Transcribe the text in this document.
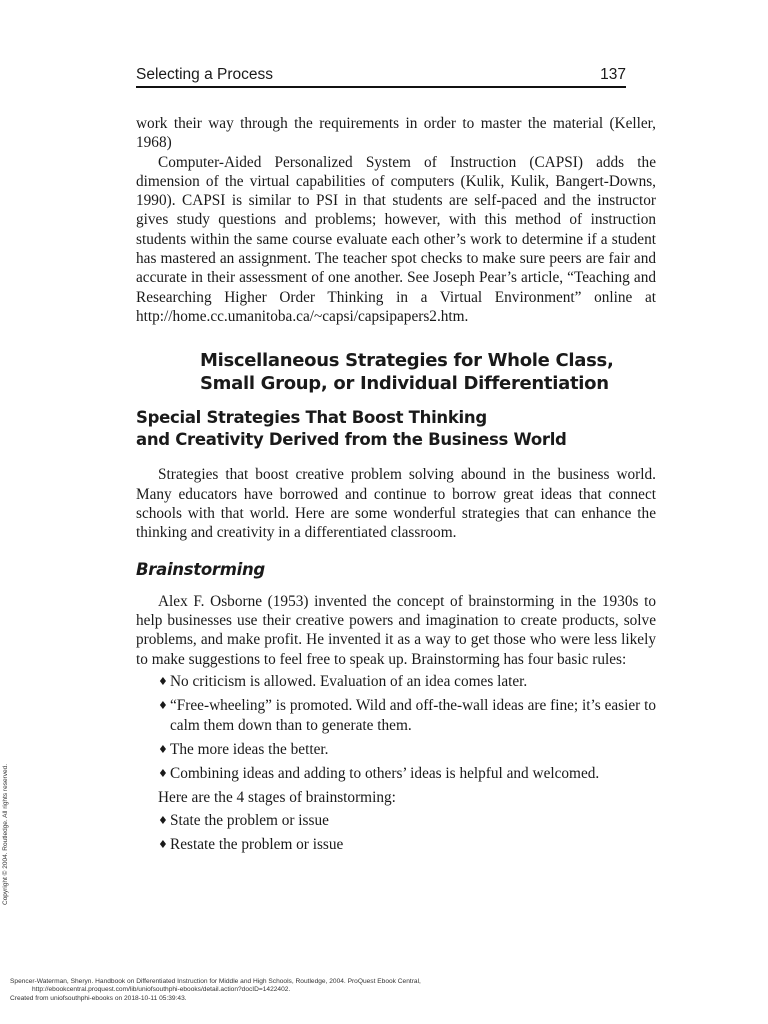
Selecting a Process	137

work their way through the requirements in order to master the material (Keller, 1968)

Computer-Aided Personalized System of Instruction (CAPSI) adds the dimension of the virtual capabilities of computers (Kulik, Kulik, Bangert-Downs, 1990). CAPSI is similar to PSI in that students are self-paced and the instructor gives study questions and problems; however, with this method of instruction students within the same course evaluate each other’s work to determine if a student has mastered an assignment. The teacher spot checks to make sure peers are fair and accurate in their assessment of one another. See Joseph Pear’s article, “Teaching and Researching Higher Order Thinking in a Virtual Environment” online at http://home.cc.umanitoba.ca/~capsi/capsipapers2.htm.

Miscellaneous Strategies for Whole Class,
Small Group, or Individual Differentiation
Special Strategies That Boost Thinking
and Creativity Derived from the Business World

Strategies that boost creative problem solving abound in the business world. Many educators have borrowed and continue to borrow great ideas that connect schools with that world. Here are some wonderful strategies that can enhance the thinking and creativity in a differentiated classroom.

Brainstorming

Alex F. Osborne (1953) invented the concept of brainstorming in the 1930s to help businesses use their creative powers and imagination to create products, solve problems, and make profit. He invented it as a way to get those who were less likely to make suggestions to feel free to speak up. Brainstorming has four basic rules:

♦ No criticism is allowed. Evaluation of an idea comes later.
♦ “Free-wheeling” is promoted. Wild and off-the-wall ideas are fine; it’s easier to calm them down than to generate them.
♦ The more ideas the better.
♦ Combining ideas and adding to others’ ideas is helpful and welcomed.

Here are the 4 stages of brainstorming:

♦ State the problem or issue
♦ Restate the problem or issue
Copyright © 2004. Routledge. All rights reserved.
Spencer-Waterman, Sheryn. Handbook on Differentiated Instruction for Middle and High Schools, Routledge, 2004. ProQuest Ebook Central,
http://ebookcentral.proquest.com/lib/uniofsouthphi-ebooks/detail.action?docID=1422402.
Created from uniofsouthphi-ebooks on 2018-10-11 05:39:43.
